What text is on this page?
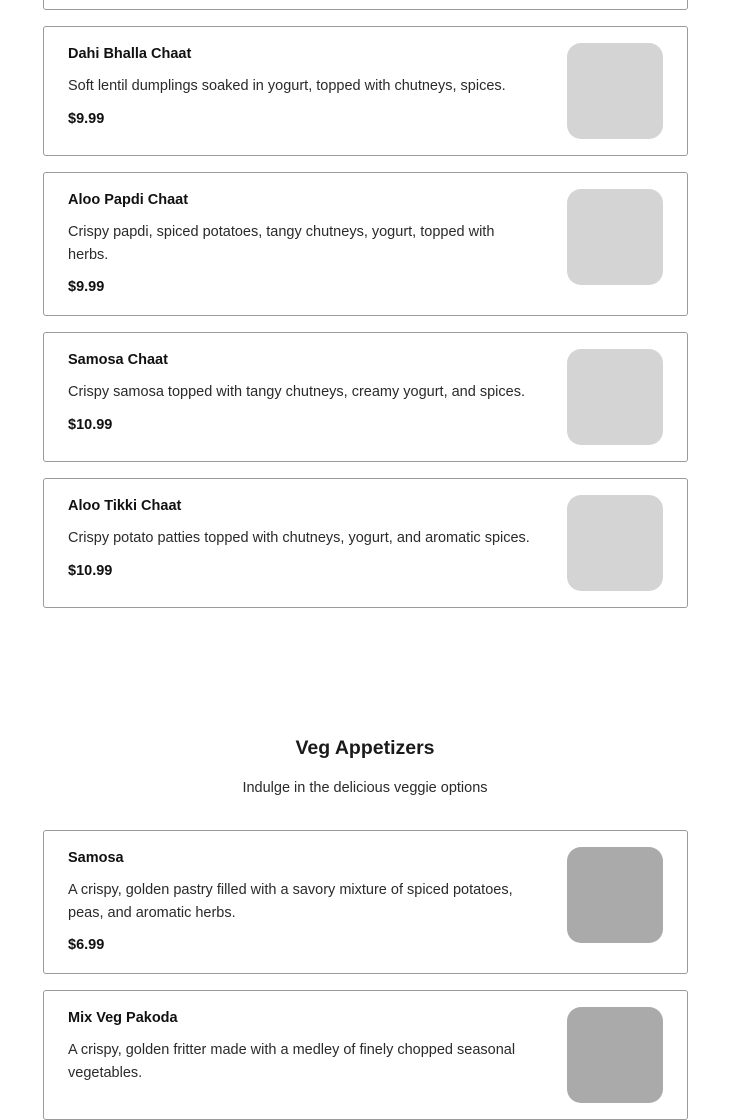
Dahi Bhalla Chaat

Soft lentil dumplings soaked in yogurt, topped with chutneys, spices.

$9.99

Aloo Papdi Chaat

Crispy papdi, spiced potatoes, tangy chutneys, yogurt, topped with herbs.

$9.99

Samosa Chaat

Crispy samosa topped with tangy chutneys, creamy yogurt, and spices.

$10.99

Aloo Tikki Chaat

Crispy potato patties topped with chutneys, yogurt, and aromatic spices.

$10.99

Veg Appetizers

Indulge in the delicious veggie options

Samosa

A crispy, golden pastry filled with a savory mixture of spiced potatoes, peas, and aromatic herbs.

$6.99

Mix Veg Pakoda

A crispy, golden fritter made with a medley of finely chopped seasonal vegetables.
